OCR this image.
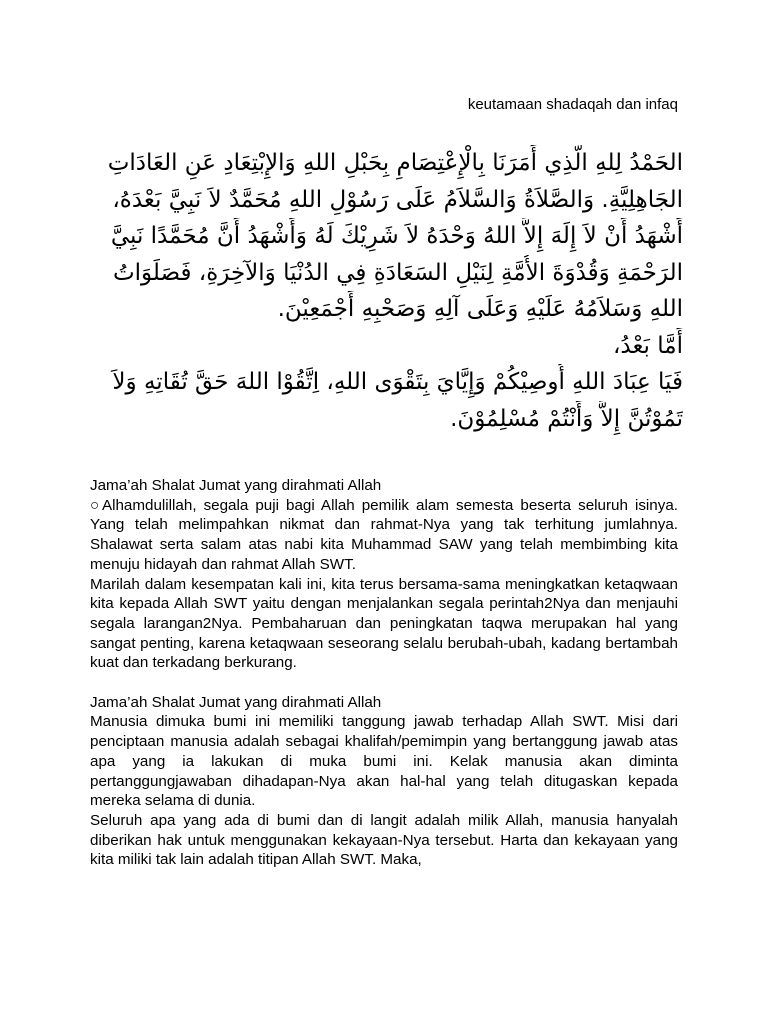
keutamaan shadaqah dan infaq
الحَمْدُ لِلهِ الَّذِي أَمَرَنَا بِالْإِعْتِصَامِ بِحَبْلِ اللهِ وَالإِبْتِعَادِ عَنِ العَادَاتِ
الجَاهِلِيَّةِ. وَالصَّلاَةُ وَالسَّلاَمُ عَلَى رَسُوْلِ اللهِ مُحَمَّدٌ لاَ نَبِيَّ بَعْدَهُ،
أَشْهَدُ أَنْ لاَ إِلَهَ إِلاَّ اللهُ وَحْدَهُ لاَ شَرِيْكَ لَهُ وَأَشْهَدُ أَنَّ مُحَمَّدًا نَبِيَّ
الرَحْمَةِ وَقُدْوَةَ الأُمَّةِ لِنَيْلِ السَعَادَةِ فِي الدُنْيَا وَالآخِرَةِ، فَصَلَوَاتُ
اللهِ وَسَلاَمُهُ عَلَيْهِ وَعَلَى آلِهِ وَصَحْبِهِ أَجْمَعِيْنَ.
أَمَّا بَعْدُ،
فَيَا عِبَادَ اللهِ أُوصِيْكُمْ وَإِيَّايَ بِتَقْوَى اللهِ، اِتَّقُوْا اللهَ حَقَّ تُقَاتِهِ وَلاَ
تَمُوْتُنَّ إِلاَّ وَأَنْتُمْ مُسْلِمُوْنَ.
Jama’ah Shalat Jumat yang dirahmati Allah
○Alhamdulillah, segala puji bagi Allah pemilik alam semesta beserta seluruh isinya. Yang telah melimpahkan nikmat dan rahmat-Nya yang tak terhitung jumlahnya. Shalawat serta salam atas nabi kita Muhammad SAW yang telah membimbing kita menuju hidayah dan rahmat Allah SWT.
Marilah dalam kesempatan kali ini, kita terus bersama-sama meningkatkan ketaqwaan kita kepada Allah SWT yaitu dengan menjalankan segala perintah2Nya dan menjauhi segala larangan2Nya. Pembaharuan dan peningkatan taqwa merupakan hal yang sangat penting, karena ketaqwaan seseorang selalu berubah-ubah, kadang bertambah kuat dan terkadang berkurang.
Jama’ah Shalat Jumat yang dirahmati Allah
Manusia dimuka bumi ini memiliki tanggung jawab terhadap Allah SWT. Misi dari penciptaan manusia adalah sebagai khalifah/pemimpin yang bertanggung jawab atas apa yang ia lakukan di muka bumi ini. Kelak manusia akan diminta pertanggungjawaban dihadapan-Nya akan hal-hal yang telah ditugaskan kepada mereka selama di dunia.
Seluruh apa yang ada di bumi dan di langit adalah milik Allah, manusia hanyalah diberikan hak untuk menggunakan kekayaan-Nya tersebut. Harta dan kekayaan yang kita miliki tak lain adalah titipan Allah SWT. Maka,
